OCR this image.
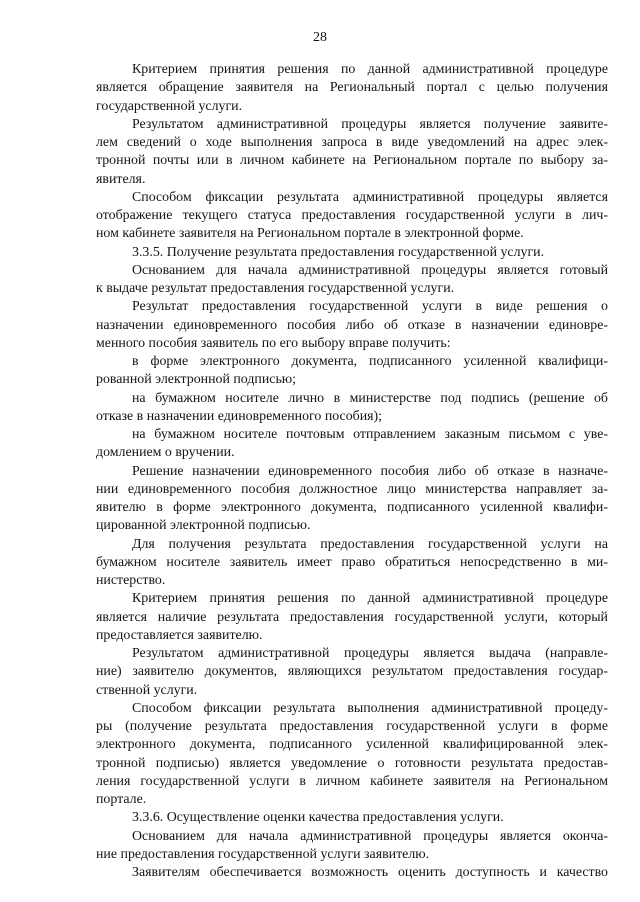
28

Критерием принятия решения по данной административной процедуре
является обращение заявителя на Региональный портал с целью получения
государственной услуги.

Результатом административной процедуры является получение заявите-
лем сведений о ходе выполнения запроса в виде уведомлений на адрес элек-
тронной почты или в личном кабинете на Региональном портале по выбору за-
явителя.

Способом фиксации результата административной процедуры является
отображение текущего статуса предоставления государственной услуги в лич-
ном кабинете заявителя на Региональном портале в электронной форме.

3.3.5. Получение результата предоставления государственной услуги.

Основанием для начала административной процедуры является готовый
к выдаче результат предоставления государственной услуги.

Результат предоставления государственной услуги в виде решения о
назначении единовременного пособия либо об отказе в назначении единовре-
менного пособия заявитель по его выбору вправе получить:

в форме электронного документа, подписанного усиленной квалифици-
рованной электронной подписью;

на бумажном носителе лично в министерстве под подпись (решение об
отказе в назначении единовременного пособия);

на бумажном носителе почтовым отправлением заказным письмом с уве-
домлением о вручении.

Решение назначении единовременного пособия либо об отказе в назначе-
нии единовременного пособия должностное лицо министерства направляет за-
явителю в форме электронного документа, подписанного усиленной квалифи-
цированной электронной подписью.

Для получения результата предоставления государственной услуги на
бумажном носителе заявитель имеет право обратиться непосредственно в ми-
нистерство.

Критерием принятия решения по данной административной процедуре
является наличие результата предоставления государственной услуги, который
предоставляется заявителю.

Результатом административной процедуры является выдача (направле-
ние) заявителю документов, являющихся результатом предоставления государ-
ственной услуги.

Способом фиксации результата выполнения административной процеду-
ры (получение результата предоставления государственной услуги в форме
электронного документа, подписанного усиленной квалифицированной элек-
тронной подписью) является уведомление о готовности результата предостав-
ления государственной услуги в личном кабинете заявителя на Региональном
портале.

3.3.6. Осуществление оценки качества предоставления услуги.

Основанием для начала административной процедуры является оконча-
ние предоставления государственной услуги заявителю.

Заявителям обеспечивается возможность оценить доступность и качество
